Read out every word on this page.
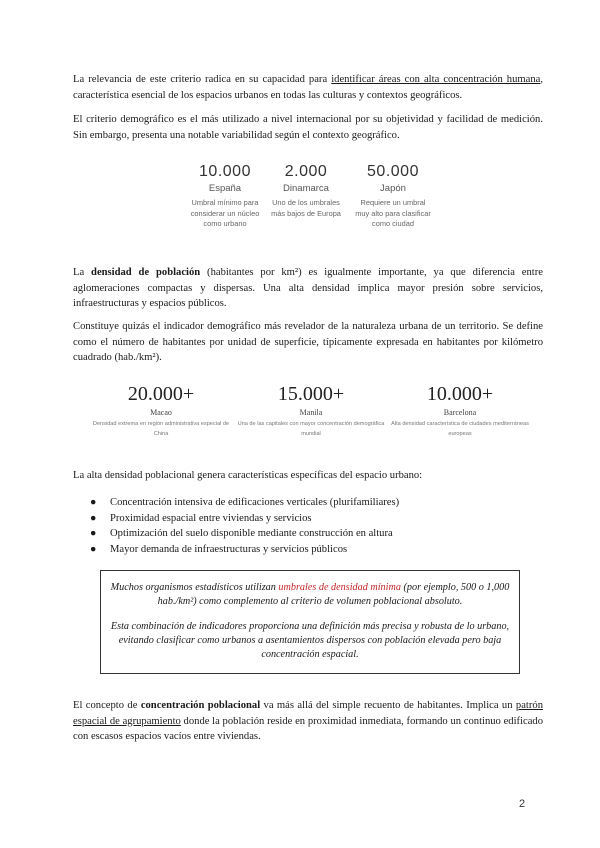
La relevancia de este criterio radica en su capacidad para identificar áreas con alta concentración humana, característica esencial de los espacios urbanos en todas las culturas y contextos geográficos.

El criterio demográfico es el más utilizado a nivel internacional por su objetividad y facilidad de medición. Sin embargo, presenta una notable variabilidad según el contexto geográfico.

10.000
España
Umbral mínimo para considerar un núcleo como urbano
2.000
Dinamarca
Uno de los umbrales más bajos de Europa
50.000
Japón
Requiere un umbral muy alto para clasificar como ciudad

La densidad de población (habitantes por km²) es igualmente importante, ya que diferencia entre aglomeraciones compactas y dispersas. Una alta densidad implica mayor presión sobre servicios, infraestructuras y espacios públicos.

Constituye quizás el indicador demográfico más revelador de la naturaleza urbana de un territorio. Se define como el número de habitantes por unidad de superficie, típicamente expresada en habitantes por kilómetro cuadrado (hab./km²).

20.000+
Macao
Densidad extrema en región administrativa especial de China
15.000+
Manila
Una de las capitales con mayor concentración demográfica mundial
10.000+
Barcelona
Alta densidad característica de ciudades mediterráneas europeas

La alta densidad poblacional genera características específicas del espacio urbano:

● Concentración intensiva de edificaciones verticales (plurifamiliares)
● Proximidad espacial entre viviendas y servicios
● Optimización del suelo disponible mediante construcción en altura
● Mayor demanda de infraestructuras y servicios públicos

Muchos organismos estadísticos utilizan umbrales de densidad mínima (por ejemplo, 500 o 1,000 hab./km²) como complemento al criterio de volumen poblacional absoluto.

Esta combinación de indicadores proporciona una definición más precisa y robusta de lo urbano, evitando clasificar como urbanos a asentamientos dispersos con población elevada pero baja concentración espacial.

El concepto de concentración poblacional va más allá del simple recuento de habitantes. Implica un patrón espacial de agrupamiento donde la población reside en proximidad inmediata, formando un continuo edificado con escasos espacios vacíos entre viviendas.

2
